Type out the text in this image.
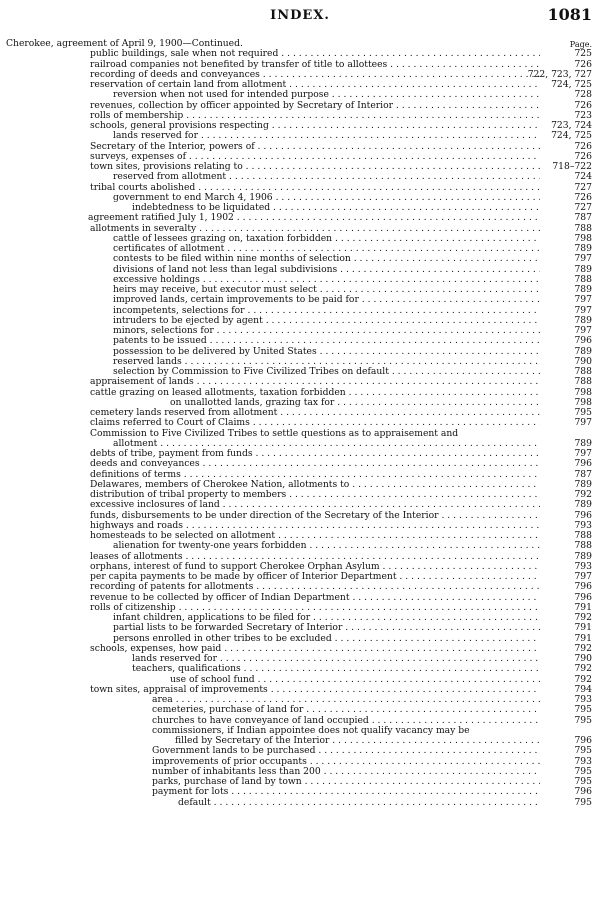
INDEX.	1081
Page.
Cherokee, agreement of April 9, 1900—Continued.
public buildings, sale when not required . . .	725
railroad companies not benefited by transfer of title to allottees . . .	726
recording of deeds and conveyances . . .	722, 723, 727
reservation of certain land from allotment . . .	724, 725
reversion when not used for intended purpose . . .	728
revenues, collection by officer appointed by Secretary of Interior . . .	726
rolls of membership . . .	723
schools, general provisions respecting . . .	723, 724
lands reserved for . . .	724, 725
Secretary of the Interior, powers of . . .	726
surveys, expenses of . . .	726
town sites, provisions relating to . . .	718–722
reserved from allotment . . .	724
tribal courts abolished . . .	727
government to end March 4, 1906 . . .	726
indebtedness to be liquidated . . .	727
agreement ratified July 1, 1902 . . .	787
allotments in severalty . . .	788
cattle of lessees grazing on, taxation forbidden . . .	798
certificates of allotment . . .	789
contests to be filed within nine months of selection . . .	797
divisions of land not less than legal subdivisions . . .	789
excessive holdings . . .	788
heirs may receive, but executor must select . . .	789
improved lands, certain improvements to be paid for . . .	797
incompetents, selections for . . .	797
intruders to be ejected by agent . . .	789
minors, selections for . . .	797
patents to be issued . . .	796
possession to be delivered by United States . . .	789
reserved lands . . .	790
selection by Commission to Five Civilized Tribes on default . . .	788
appraisement of lands . . .	788
cattle grazing on leased allotments, taxation forbidden . . .	798
on unallotted lands, grazing tax for . . .	798
cemetery lands reserved from allotment . . .	795
claims referred to Court of Claims . . .	797
Commission to Five Civilized Tribes to settle questions as to appraisement and
allotment . . .	789
debts of tribe, payment from funds . . .	797
deeds and conveyances . . .	796
definitions of terms . . .	787
Delawares, members of Cherokee Nation, allotments to . . .	789
distribution of tribal property to members . . .	792
excessive inclosures of land . . .	789
funds, disbursements to be under direction of the Secretary of the Interior . . .	796
highways and roads . . .	793
homesteads to be selected on allotment . . .	788
alienation for twenty-one years forbidden . . .	788
leases of allotments . . .	789
orphans, interest of fund to support Cherokee Orphan Asylum . . .	793
per capita payments to be made by officer of Interior Department . . .	797
recording of patents for allotments . . .	796
revenue to be collected by officer of Indian Department . . .	796
rolls of citizenship . . .	791
infant children, applications to be filed for . . .	792
partial lists to be forwarded Secretary of Interior . . .	791
persons enrolled in other tribes to be excluded . . .	791
schools, expenses, how paid . . .	792
lands reserved for . . .	790
teachers, qualifications . . .	792
use of school fund . . .	792
town sites, appraisal of improvements . . .	794
area . . .	793
cemeteries, purchase of land for . . .	795
churches to have conveyance of land occupied . . .	795
commissioners, if Indian appointee does not qualify vacancy may be
filled by Secretary of the Interior . . .	796
Government lands to be purchased . . .	795
improvements of prior occupants . . .	793
number of inhabitants less than 200 . . .	795
parks, purchase of land by town . . .	795
payment for lots . . .	796
default . . .	795
